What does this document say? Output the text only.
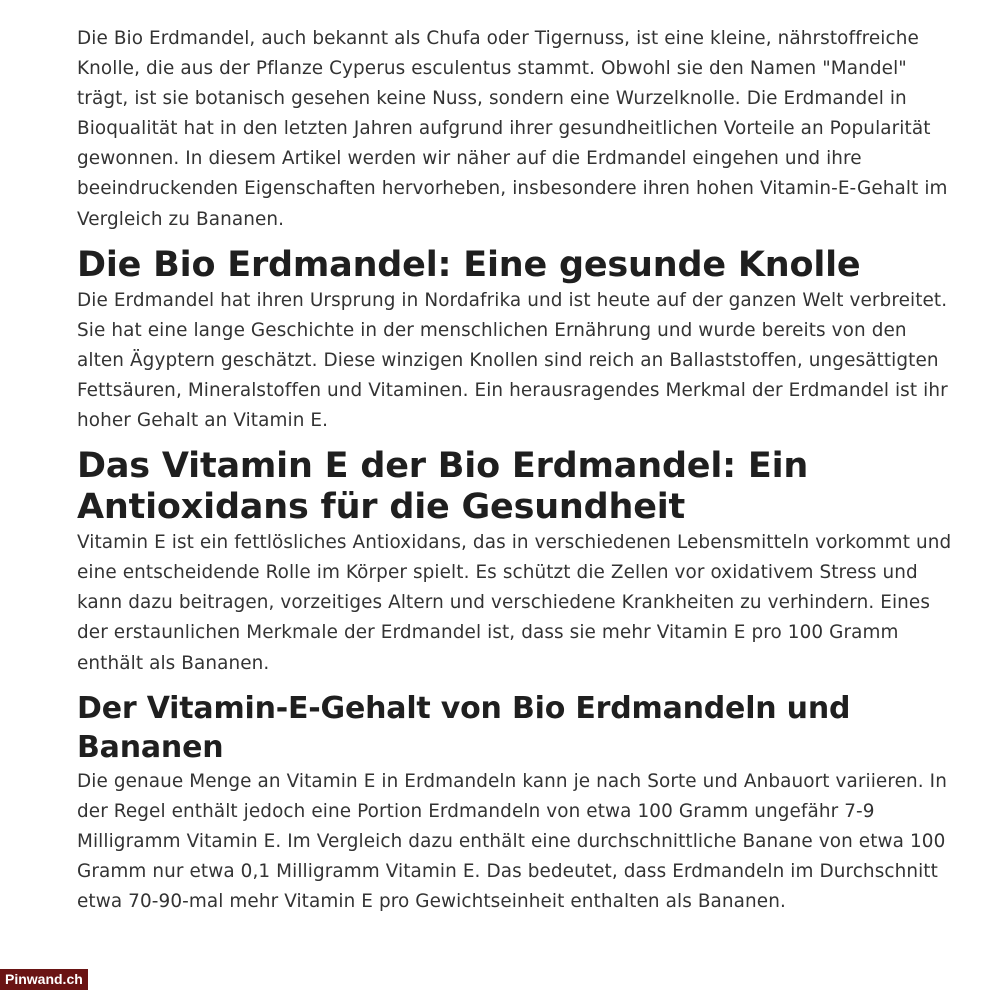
Die Bio Erdmandel, auch bekannt als Chufa oder Tigernuss, ist eine kleine, nährstoffreiche Knolle, die aus der Pflanze Cyperus esculentus stammt. Obwohl sie den Namen "Mandel" trägt, ist sie botanisch gesehen keine Nuss, sondern eine Wurzelknolle. Die Erdmandel in Bioqualität hat in den letzten Jahren aufgrund ihrer gesundheitlichen Vorteile an Popularität gewonnen. In diesem Artikel werden wir näher auf die Erdmandel eingehen und ihre beeindruckenden Eigenschaften hervorheben, insbesondere ihren hohen Vitamin-E-Gehalt im Vergleich zu Bananen.

Die Bio Erdmandel: Eine gesunde Knolle

Die Erdmandel hat ihren Ursprung in Nordafrika und ist heute auf der ganzen Welt verbreitet. Sie hat eine lange Geschichte in der menschlichen Ernährung und wurde bereits von den alten Ägyptern geschätzt. Diese winzigen Knollen sind reich an Ballaststoffen, ungesättigten Fettsäuren, Mineralstoffen und Vitaminen. Ein herausragendes Merkmal der Erdmandel ist ihr hoher Gehalt an Vitamin E.

Das Vitamin E der Bio Erdmandel: Ein Antioxidans für die Gesundheit

Vitamin E ist ein fettlösliches Antioxidans, das in verschiedenen Lebensmitteln vorkommt und eine entscheidende Rolle im Körper spielt. Es schützt die Zellen vor oxidativem Stress und kann dazu beitragen, vorzeitiges Altern und verschiedene Krankheiten zu verhindern. Eines der erstaunlichen Merkmale der Erdmandel ist, dass sie mehr Vitamin E pro 100 Gramm enthält als Bananen.

Der Vitamin-E-Gehalt von Bio Erdmandeln und Bananen

Die genaue Menge an Vitamin E in Erdmandeln kann je nach Sorte und Anbauort variieren. In der Regel enthält jedoch eine Portion Erdmandeln von etwa 100 Gramm ungefähr 7-9 Milligramm Vitamin E. Im Vergleich dazu enthält eine durchschnittliche Banane von etwa 100 Gramm nur etwa 0,1 Milligramm Vitamin E. Das bedeutet, dass Erdmandeln im Durchschnitt etwa 70-90-mal mehr Vitamin E pro Gewichtseinheit enthalten als Bananen.

Pinwand.ch
